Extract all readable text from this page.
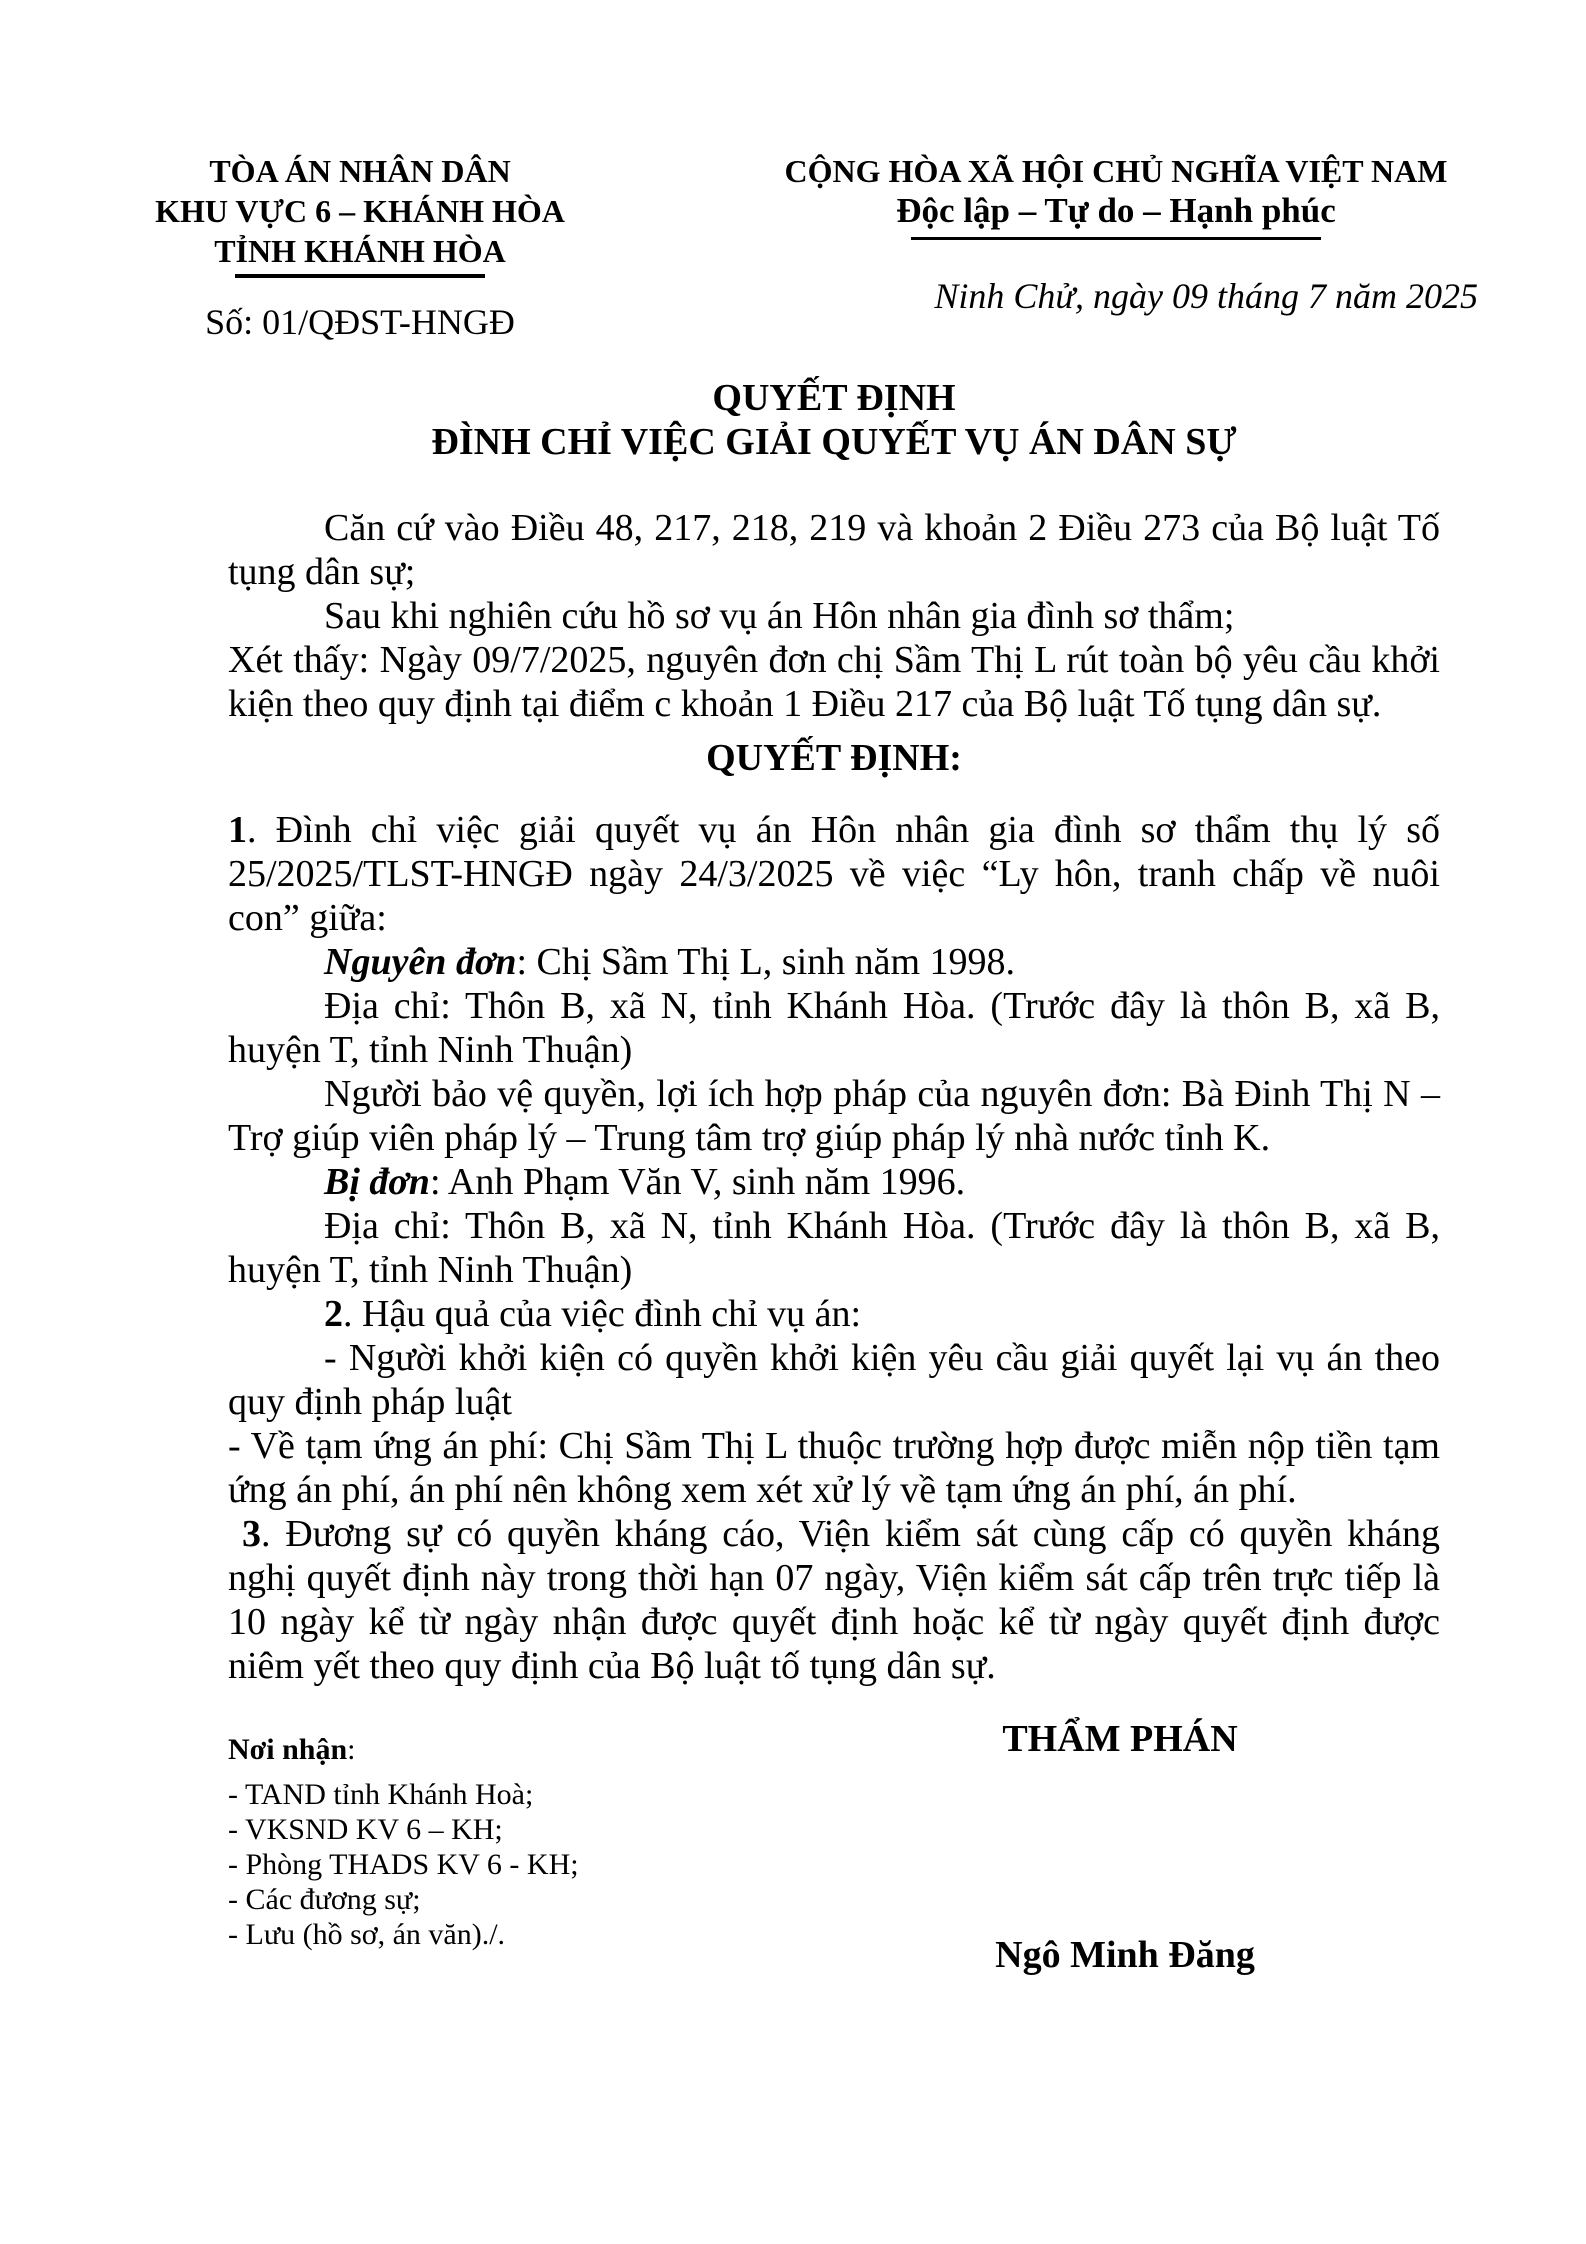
TÒA ÁN NHÂN DÂN
KHU VỰC 6 – KHÁNH HÒA
TỈNH KHÁNH HÒA
Số: 01/QĐST-HNGĐ
CỘNG HÒA XÃ HỘI CHỦ NGHĨA VIỆT NAM
Độc lập – Tự do – Hạnh phúc
Ninh Chử, ngày 09 tháng 7 năm 2025
QUYẾT ĐỊNH
ĐÌNH CHỈ VIỆC GIẢI QUYẾT VỤ ÁN DÂN SỰ

Căn cứ vào Điều 48, 217, 218, 219 và khoản 2 Điều 273 của Bộ luật Tố tụng dân sự;

Sau khi nghiên cứu hồ sơ vụ án Hôn nhân gia đình sơ thẩm;

Xét thấy: Ngày 09/7/2025, nguyên đơn chị Sầm Thị L rút toàn bộ yêu cầu khởi kiện theo quy định tại điểm c khoản 1 Điều 217 của Bộ luật Tố tụng dân sự.

QUYẾT ĐỊNH:

1. Đình chỉ việc giải quyết vụ án Hôn nhân gia đình sơ thẩm thụ lý số 25/2025/TLST-HNGĐ ngày 24/3/2025 về việc “Ly hôn, tranh chấp về nuôi con” giữa:

Nguyên đơn: Chị Sầm Thị L, sinh năm 1998.

Địa chỉ: Thôn B, xã N, tỉnh Khánh Hòa. (Trước đây là thôn B, xã B, huyện T, tỉnh Ninh Thuận)

Người bảo vệ quyền, lợi ích hợp pháp của nguyên đơn: Bà Đinh Thị N – Trợ giúp viên pháp lý – Trung tâm trợ giúp pháp lý nhà nước tỉnh K.

Bị đơn: Anh Phạm Văn V, sinh năm 1996.

Địa chỉ: Thôn B, xã N, tỉnh Khánh Hòa. (Trước đây là thôn B, xã B, huyện T, tỉnh Ninh Thuận)

2. Hậu quả của việc đình chỉ vụ án:

- Người khởi kiện có quyền khởi kiện yêu cầu giải quyết lại vụ án theo quy định pháp luật

- Về tạm ứng án phí: Chị Sầm Thị L thuộc trường hợp được miễn nộp tiền tạm ứng án phí, án phí nên không xem xét xử lý về tạm ứng án phí, án phí.

3. Đương sự có quyền kháng cáo, Viện kiểm sát cùng cấp có quyền kháng nghị quyết định này trong thời hạn 07 ngày, Viện kiểm sát cấp trên trực tiếp là 10 ngày kể từ ngày nhận được quyết định hoặc kể từ ngày quyết định được niêm yết theo quy định của Bộ luật tố tụng dân sự.

Nơi nhận:
- TAND tỉnh Khánh Hoà;
- VKSND KV 6 – KH;
- Phòng THADS KV 6 - KH;
- Các đương sự;
- Lưu (hồ sơ, án văn)./.
THẨM PHÁN
Ngô Minh Đăng
